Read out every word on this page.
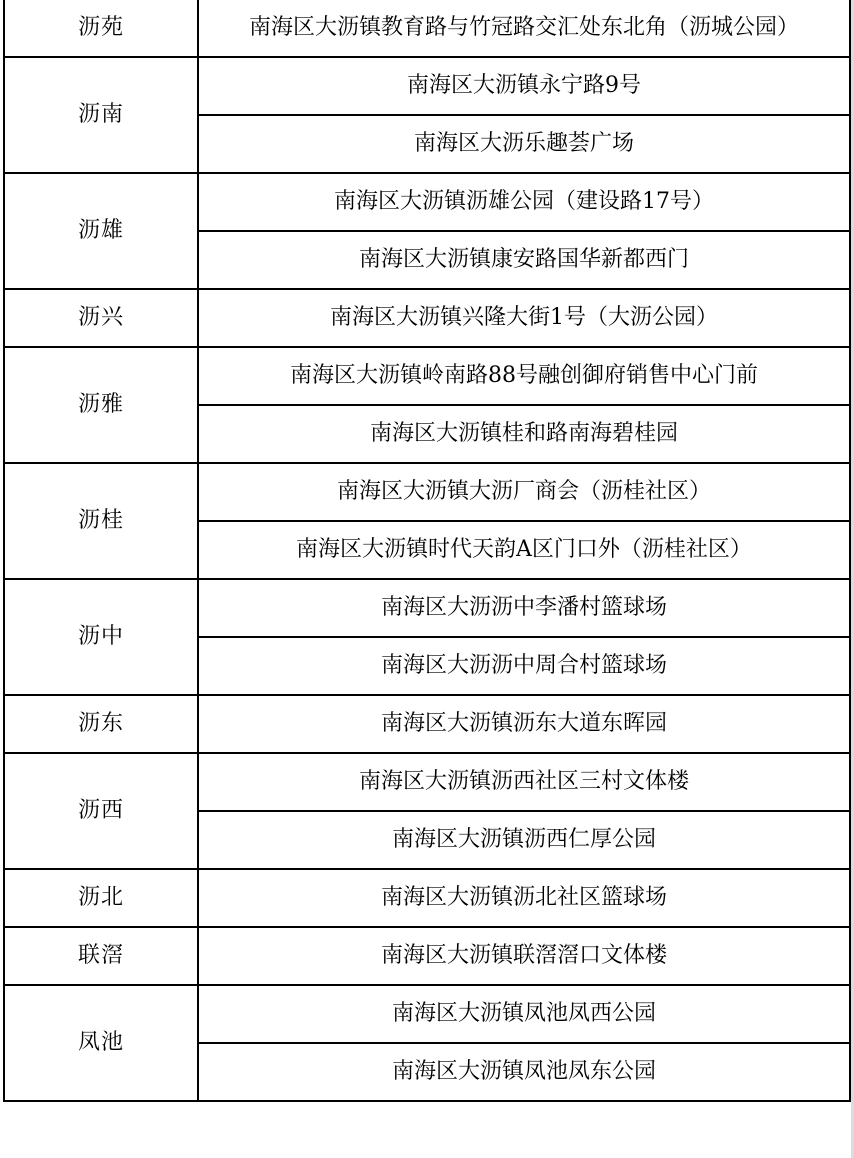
沥苑	南海区大沥镇教育路与竹冠路交汇处东北角（沥城公园）
沥南	南海区大沥镇永宁路9号
	南海区大沥乐趣荟广场
沥雄	南海区大沥镇沥雄公园（建设路17号）
	南海区大沥镇康安路国华新都西门
沥兴	南海区大沥镇兴隆大街1号（大沥公园）
沥雅	南海区大沥镇岭南路88号融创御府销售中心门前
	南海区大沥镇桂和路南海碧桂园
沥桂	南海区大沥镇大沥厂商会（沥桂社区）
	南海区大沥镇时代天韵A区门口外（沥桂社区）
沥中	南海区大沥沥中李潘村篮球场
	南海区大沥沥中周合村篮球场
沥东	南海区大沥镇沥东大道东晖园
沥西	南海区大沥镇沥西社区三村文体楼
	南海区大沥镇沥西仁厚公园
沥北	南海区大沥镇沥北社区篮球场
联滘	南海区大沥镇联滘滘口文体楼
凤池	南海区大沥镇凤池凤西公园
	南海区大沥镇凤池凤东公园
